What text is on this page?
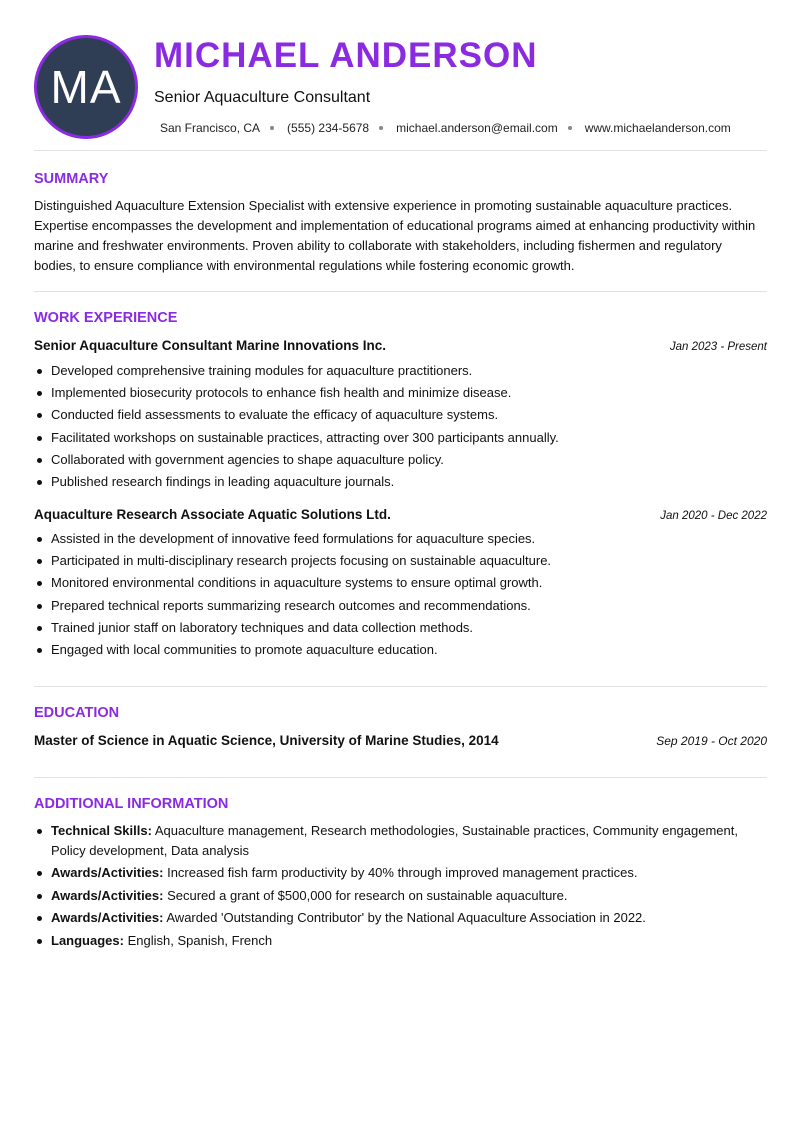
MA
MICHAEL ANDERSON
Senior Aquaculture Consultant
San Francisco, CA (555) 234-5678 michael.anderson@email.com www.michaelanderson.com
SUMMARY
Distinguished Aquaculture Extension Specialist with extensive experience in promoting sustainable aquaculture practices. Expertise encompasses the development and implementation of educational programs aimed at enhancing productivity within marine and freshwater environments. Proven ability to collaborate with stakeholders, including fishermen and regulatory bodies, to ensure compliance with environmental regulations while fostering economic growth.
WORK EXPERIENCE
Senior Aquaculture Consultant Marine Innovations Inc.	Jan 2023 - Present
Developed comprehensive training modules for aquaculture practitioners.
Implemented biosecurity protocols to enhance fish health and minimize disease.
Conducted field assessments to evaluate the efficacy of aquaculture systems.
Facilitated workshops on sustainable practices, attracting over 300 participants annually.
Collaborated with government agencies to shape aquaculture policy.
Published research findings in leading aquaculture journals.
Aquaculture Research Associate Aquatic Solutions Ltd.	Jan 2020 - Dec 2022
Assisted in the development of innovative feed formulations for aquaculture species.
Participated in multi-disciplinary research projects focusing on sustainable aquaculture.
Monitored environmental conditions in aquaculture systems to ensure optimal growth.
Prepared technical reports summarizing research outcomes and recommendations.
Trained junior staff on laboratory techniques and data collection methods.
Engaged with local communities to promote aquaculture education.
EDUCATION
Master of Science in Aquatic Science, University of Marine Studies, 2014	Sep 2019 - Oct 2020
ADDITIONAL INFORMATION
Technical Skills: Aquaculture management, Research methodologies, Sustainable practices, Community engagement, Policy development, Data analysis
Awards/Activities: Increased fish farm productivity by 40% through improved management practices.
Awards/Activities: Secured a grant of $500,000 for research on sustainable aquaculture.
Awards/Activities: Awarded 'Outstanding Contributor' by the National Aquaculture Association in 2022.
Languages: English, Spanish, French
